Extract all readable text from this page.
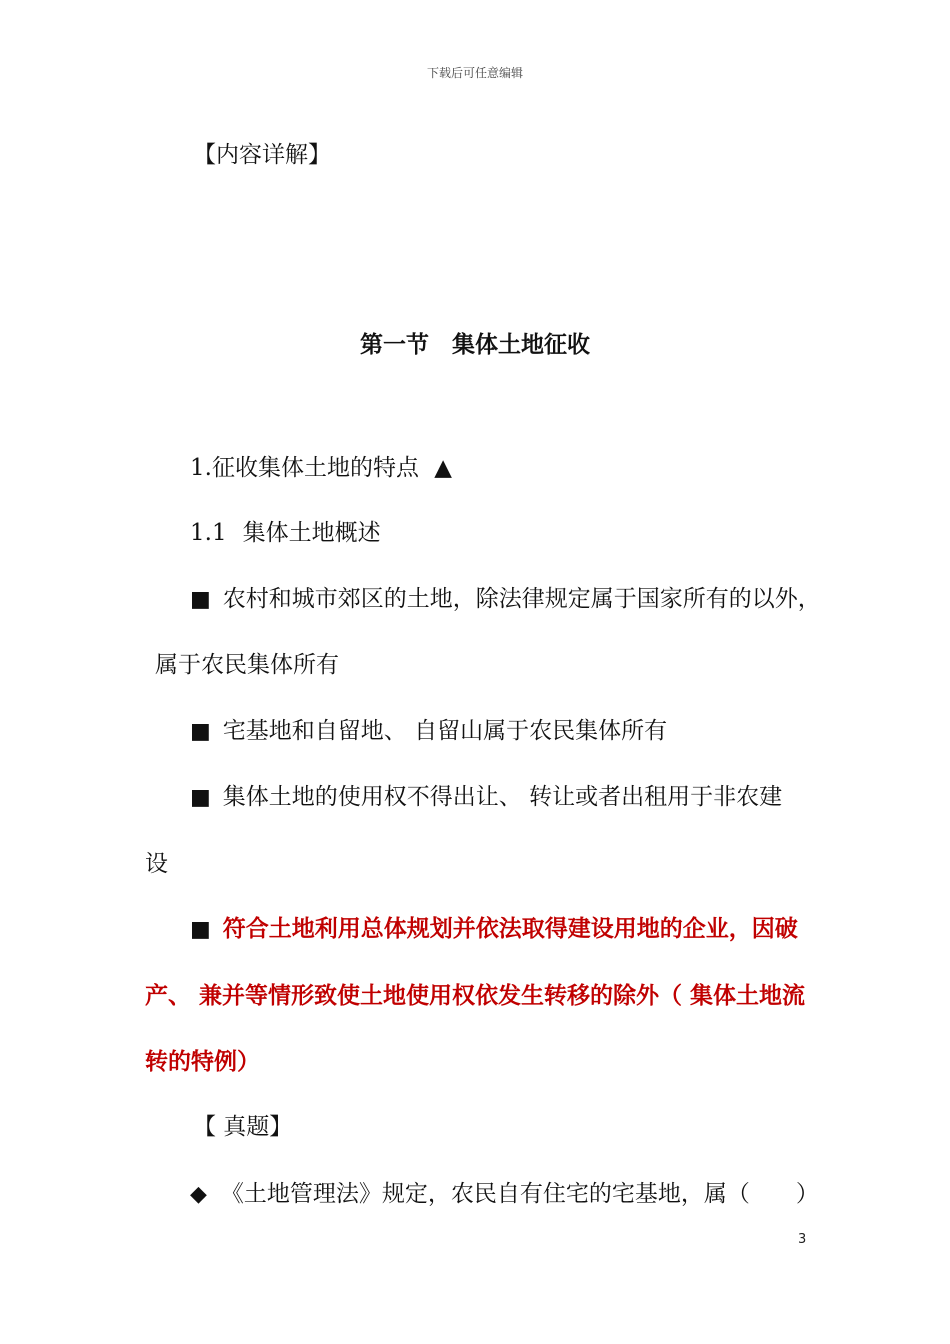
下载后可任意编辑
【内容详解】
第一节　集体土地征收
1.征收集体土地的特点 ▲
1.1 集体土地概述
■ 农村和城市郊区的土地，除法律规定属于国家所有的以外，
属于农民集体所有
■ 宅基地和自留地、 自留山属于农民集体所有
■ 集体土地的使用权不得出让、 转让或者出租用于非农建
设
■ 符合土地利用总体规划并依法取得建设用地的企业，因破
产、 兼并等情形致使土地使用权依发生转移的除外（ 集体土地流
转的特例）
【 真题】
◆ 《土地管理法》规定，农民自有住宅的宅基地，属（　　）
3
